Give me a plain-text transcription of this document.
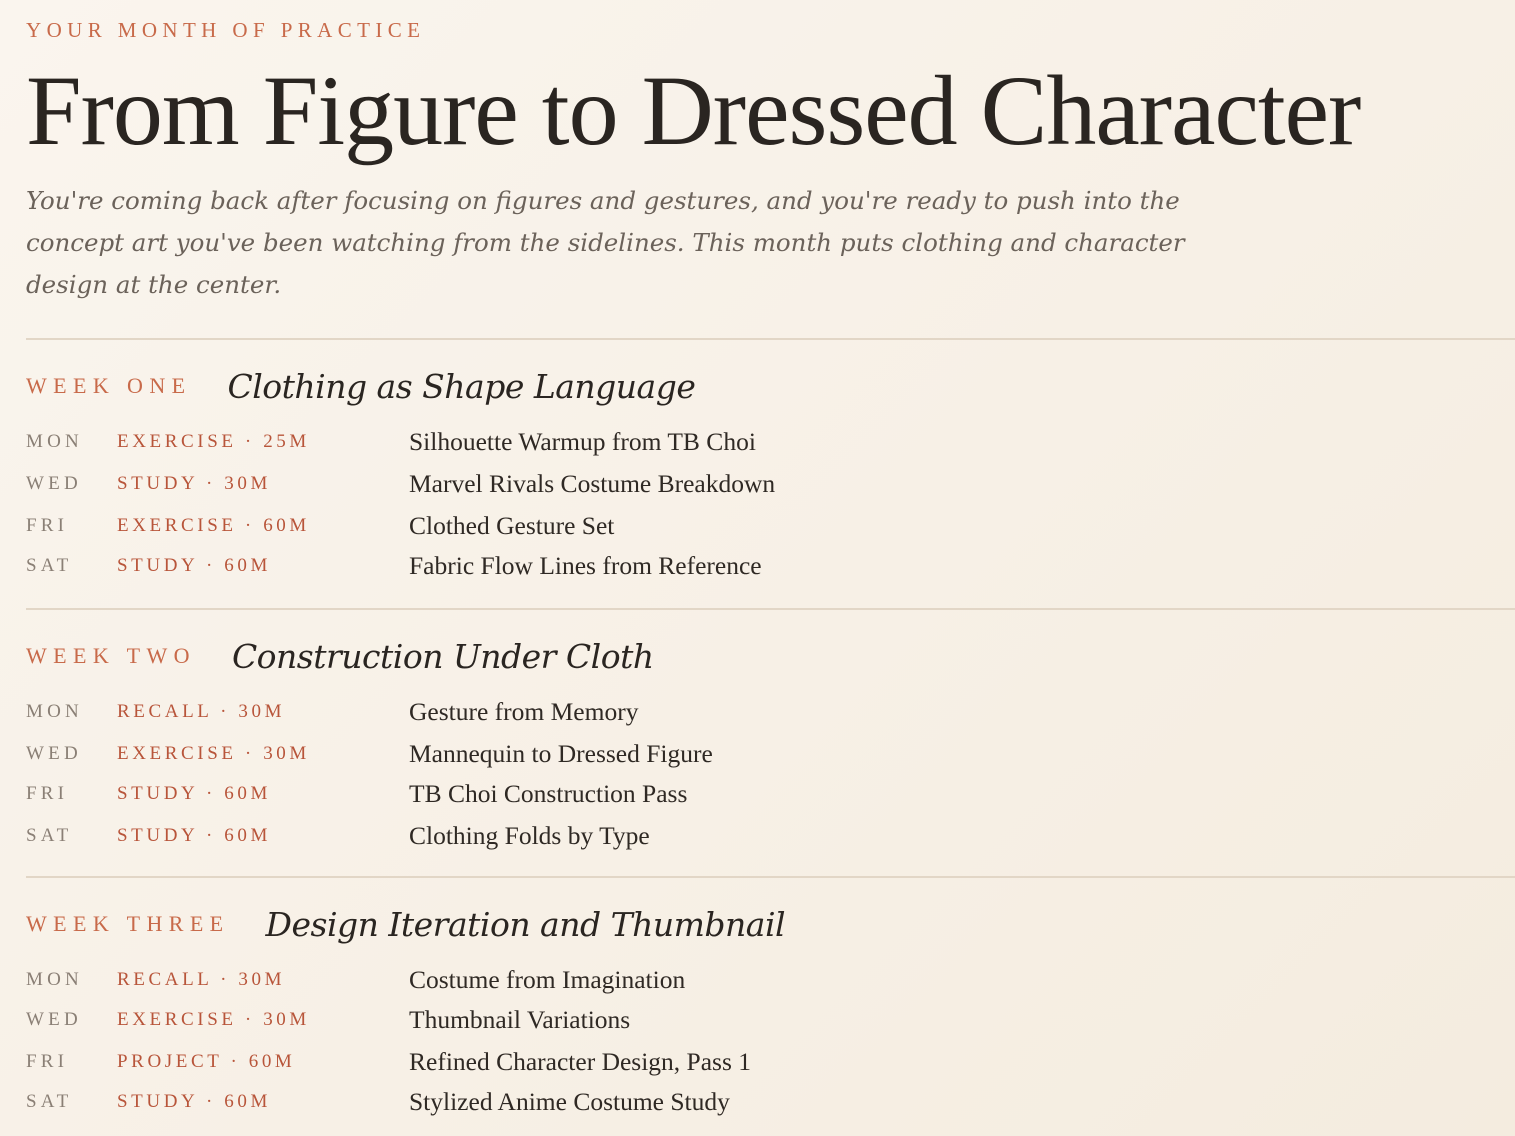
YOUR MONTH OF PRACTICE
From Figure to Dressed Character
You're coming back after focusing on figures and gestures, and you're ready to push into the concept art you've been watching from the sidelines. This month puts clothing and character design at the center.
WEEK ONE Clothing as Shape Language
MON EXERCISE · 25M	Silhouette Warmup from TB Choi
WED STUDY · 30M	Marvel Rivals Costume Breakdown
FRI	EXERCISE · 60M	Clothed Gesture Set
SAT STUDY · 60M	Fabric Flow Lines from Reference
WEEK TWO Construction Under Cloth
MON RECALL · 30M	Gesture from Memory
WED EXERCISE · 30M	Mannequin to Dressed Figure
FRI	STUDY · 60M	TB Choi Construction Pass
SAT STUDY · 60M	Clothing Folds by Type
WEEK THREE Design Iteration and Thumbnail
MON RECALL · 30M	Costume from Imagination
WED EXERCISE · 30M	Thumbnail Variations
FRI	PROJECT · 60M	Refined Character Design, Pass 1
SAT STUDY · 60M	Stylized Anime Costume Study
